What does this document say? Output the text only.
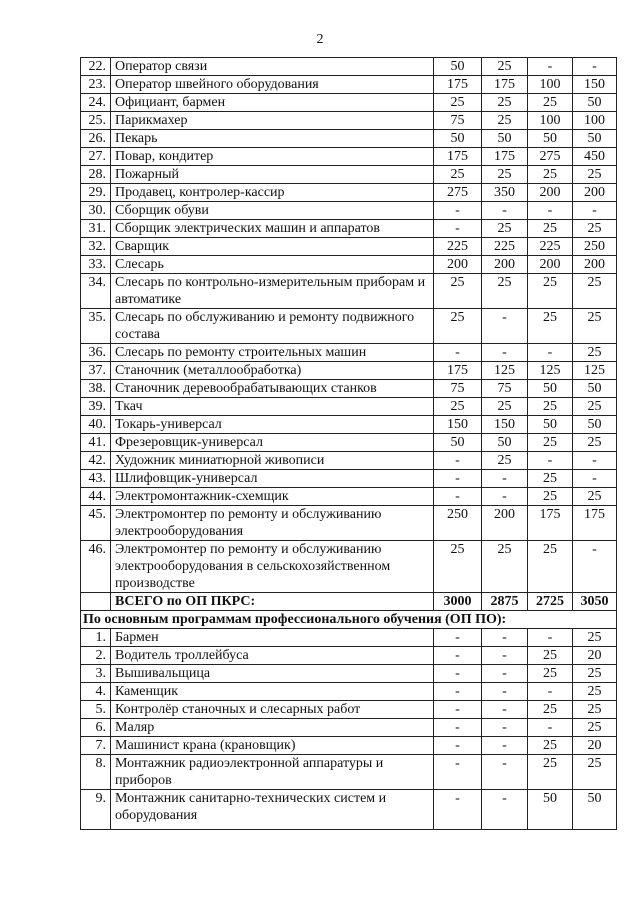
2
22.	Оператор связи	50	25	-	-
23.	Оператор швейного оборудования	175	175	100	150
24.	Официант, бармен	25	25	25	50
25.	Парикмахер	75	25	100	100
26.	Пекарь	50	50	50	50
27.	Повар, кондитер	175	175	275	450
28.	Пожарный	25	25	25	25
29.	Продавец, контролер-кассир	275	350	200	200
30.	Сборщик обуви	-	-	-	-
31.	Сборщик электрических машин и аппаратов	-	25	25	25
32.	Сварщик	225	225	225	250
33.	Слесарь	200	200	200	200
34.	Слесарь по контрольно-измерительным приборам и автоматике	25	25	25	25
35.	Слесарь по обслуживанию и ремонту подвижного состава	25	-	25	25
36.	Слесарь по ремонту строительных машин	-	-	-	25
37.	Станочник (металлообработка)	175	125	125	125
38.	Станочник деревообрабатывающих станков	75	75	50	50
39.	Ткач	25	25	25	25
40.	Токарь-универсал	150	150	50	50
41.	Фрезеровщик-универсал	50	50	25	25
42.	Художник миниатюрной живописи	-	25	-	-
43.	Шлифовщик-универсал	-	-	25	-
44.	Электромонтажник-схемщик	-	-	25	25
45.	Электромонтер по ремонту и обслуживанию электрооборудования	250	200	175	175
46.	Электромонтер по ремонту и обслуживанию электрооборудования в сельскохозяйственном производстве	25	25	25	-
	ВСЕГО по ОП ПКРС:	3000	2875	2725	3050
По основным программам профессионального обучения (ОП ПО):					
1.	Бармен	-	-	-	25
2.	Водитель троллейбуса	-	-	25	20
3.	Вышивальщица	-	-	25	25
4.	Каменщик	-	-	-	25
5.	Контролёр станочных и слесарных работ	-	-	25	25
6.	Маляр	-	-	-	25
7.	Машинист крана (крановщик)	-	-	25	20
8.	Монтажник радиоэлектронной аппаратуры и приборов	-	-	25	25
9.	Монтажник санитарно-технических систем и оборудования	-	-	50	50
